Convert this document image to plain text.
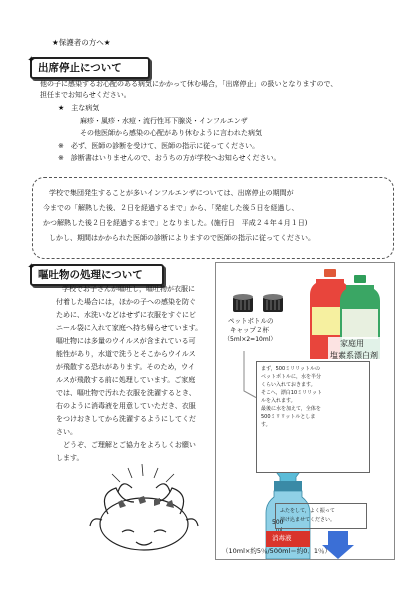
★保護者の方へ★
✦
出席停止について
他の子に感染するお心配のある病気にかかって休む場合，「出席停止」の扱いとなりますので、
担任までお知らせください。
★　主な病気
麻疹・風疹・水痘・流行性耳下腺炎・インフルエンザ
その他医師から感染の心配があり休むように言われた病気
※　必ず、医師の診断を受けて、医師の指示に従ってください。
※　診断書はいりませんので、おうちの方が学校へお知らせください。
学校で集団発生することが多いインフルエンザについては、出席停止の期間が
今までの「解熱した後、２日を経過するまで」から、「発症した後５日を経過し、
かつ解熱した後２日を経過するまで」となりました。(施行日　平成２４年４月１日)
しかし、期間はかかられた医師の診断によりますので医師の指示に従ってください。
✦
嘔吐物の処理について
学校でお子さんが嘔吐し，嘔吐物が衣服に
付着した場合には，ほかの子への感染を防ぐ
ために、水洗いなどはせずに衣服をすぐにビ
ニール袋に入れて家庭へ持ち帰らせています。
嘔吐物には多量のウイルスが含まれている可
能性があり，水道で洗うとそこからウイルス
が飛散する恐れがあります。そのため，ウイ
ルスが飛散する前に処理しています。ご家庭
では、嘔吐物で汚れた衣服を洗濯するとき、
右のように消毒液を用意していただき、衣服
をつけおきしてから洗濯するようにしてくだ
さい。
　どうぞ、ご理解とご協力をよろしくお願い
します。
ペットボトルの
キャップ２杯
（5ml×2=10ml）	家庭用
塩素系漂白剤
500
ml
消毒液
（10ml×約5％/500ml＝約0．1％）
まず，500ミリリットルの
ペットボトルに，水を半分
くらい入れておきます。
そこへ，漂白10ミリリット
ルを入れます。
最後に水を加えて，全体を
500ミリリットルとしま
す。
ふたをして，よく振って
溶け込ませてください。
